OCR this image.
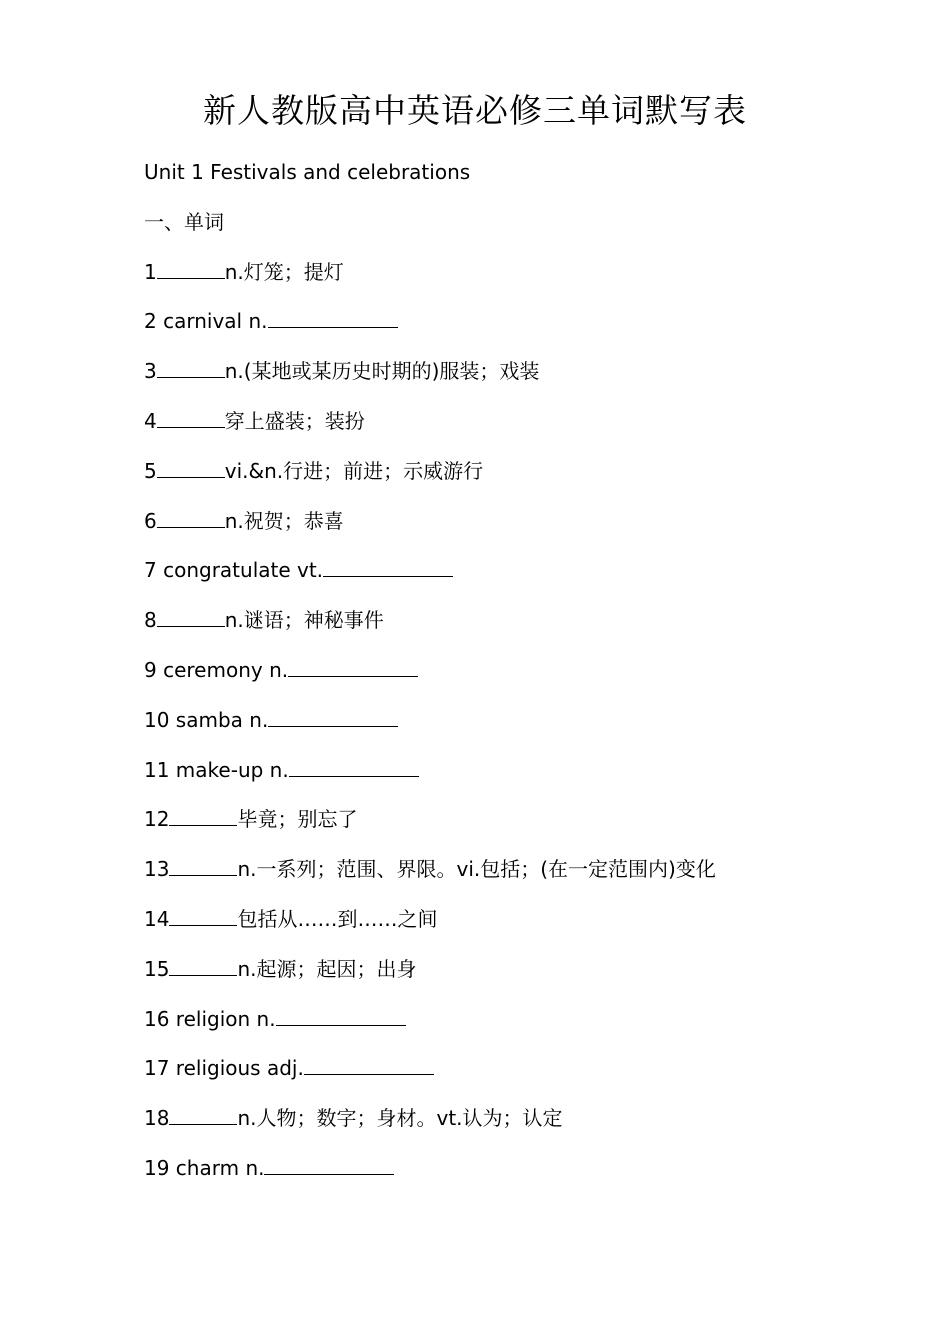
新人教版高中英语必修三单词默写表
Unit 1 Festivals and celebrations
一、单词
1	n.灯笼；提灯
2 carnival n.
3	n.(某地或某历史时期的)服装；戏装
4	穿上盛装；装扮
5	vi.&n.行进；前进；示威游行
6	n.祝贺；恭喜
7 congratulate vt.
8	n.谜语；神秘事件
9 ceremony n.
10 samba n.
11 make-up n.
12	毕竟；别忘了
13	n.一系列；范围、界限。vi.包括；(在一定范围内)变化
14	包括从……到……之间
15	n.起源；起因；出身
16 religion n.
17 religious adj.
18	n.人物；数字；身材。vt.认为；认定
19 charm n.
